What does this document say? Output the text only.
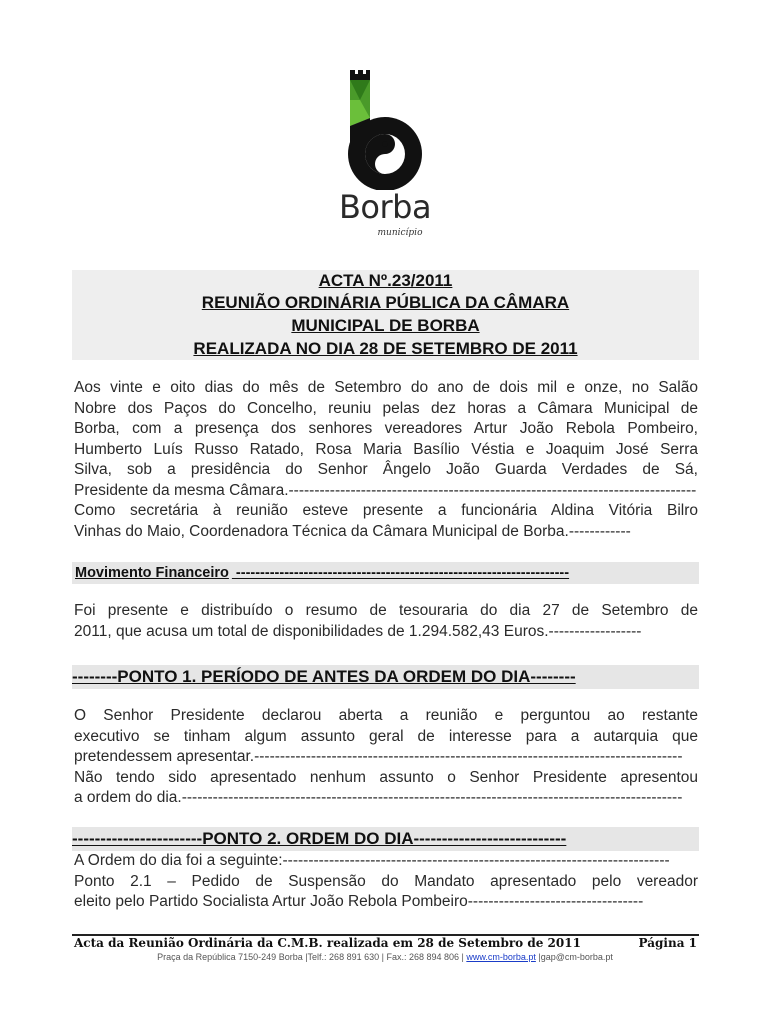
Borba
município
ACTA Nº.23/2011
REUNIÃO ORDINÁRIA PÚBLICA DA CÂMARA
MUNICIPAL DE BORBA
REALIZADA NO DIA 28 DE SETEMBRO DE 2011
Aos vinte e oito dias do mês de Setembro do ano de dois mil e onze, no Salão
Nobre dos Paços do Concelho, reuniu pelas dez horas a Câmara Municipal de
Borba, com a presença dos senhores vereadores Artur João Rebola Pombeiro,
Humberto Luís Russo Ratado, Rosa Maria Basílio Véstia e Joaquim José Serra
Silva, sob a presidência do Senhor Ângelo João Guarda Verdades de Sá,
Presidente da mesma Câmara.-------------------------------------------------------------------------------
Como secretária à reunião esteve presente a funcionária Aldina Vitória Bilro
Vinhas do Maio, Coordenadora Técnica da Câmara Municipal de Borba.------------
Movimento Financeiro ---------------------------------------------------------------------
Foi presente e distribuído o resumo de tesouraria do dia 27 de Setembro de
2011, que acusa um total de disponibilidades de 1.294.582,43 Euros.------------------
--------PONTO 1. PERÍODO DE ANTES DA ORDEM DO DIA--------
O Senhor Presidente declarou aberta a reunião e perguntou ao restante
executivo se tinham algum assunto geral de interesse para a autarquia que
pretendessem apresentar.-----------------------------------------------------------------------------------
Não tendo sido apresentado nenhum assunto o Senhor Presidente apresentou
a ordem do dia.-------------------------------------------------------------------------------------------------
-----------------------PONTO 2. ORDEM DO DIA---------------------------
A Ordem do dia foi a seguinte:---------------------------------------------------------------------------
Ponto 2.1 – Pedido de Suspensão do Mandato apresentado pelo vereador
eleito pelo Partido Socialista Artur João Rebola Pombeiro----------------------------------
Acta da Reunião Ordinária da C.M.B. realizada em 28 de Setembro de 2011	Página 1
Praça da República 7150-249 Borba |Telf.: 268 891 630 | Fax.: 268 894 806 | www.cm-borba.pt |gap@cm-borba.pt
